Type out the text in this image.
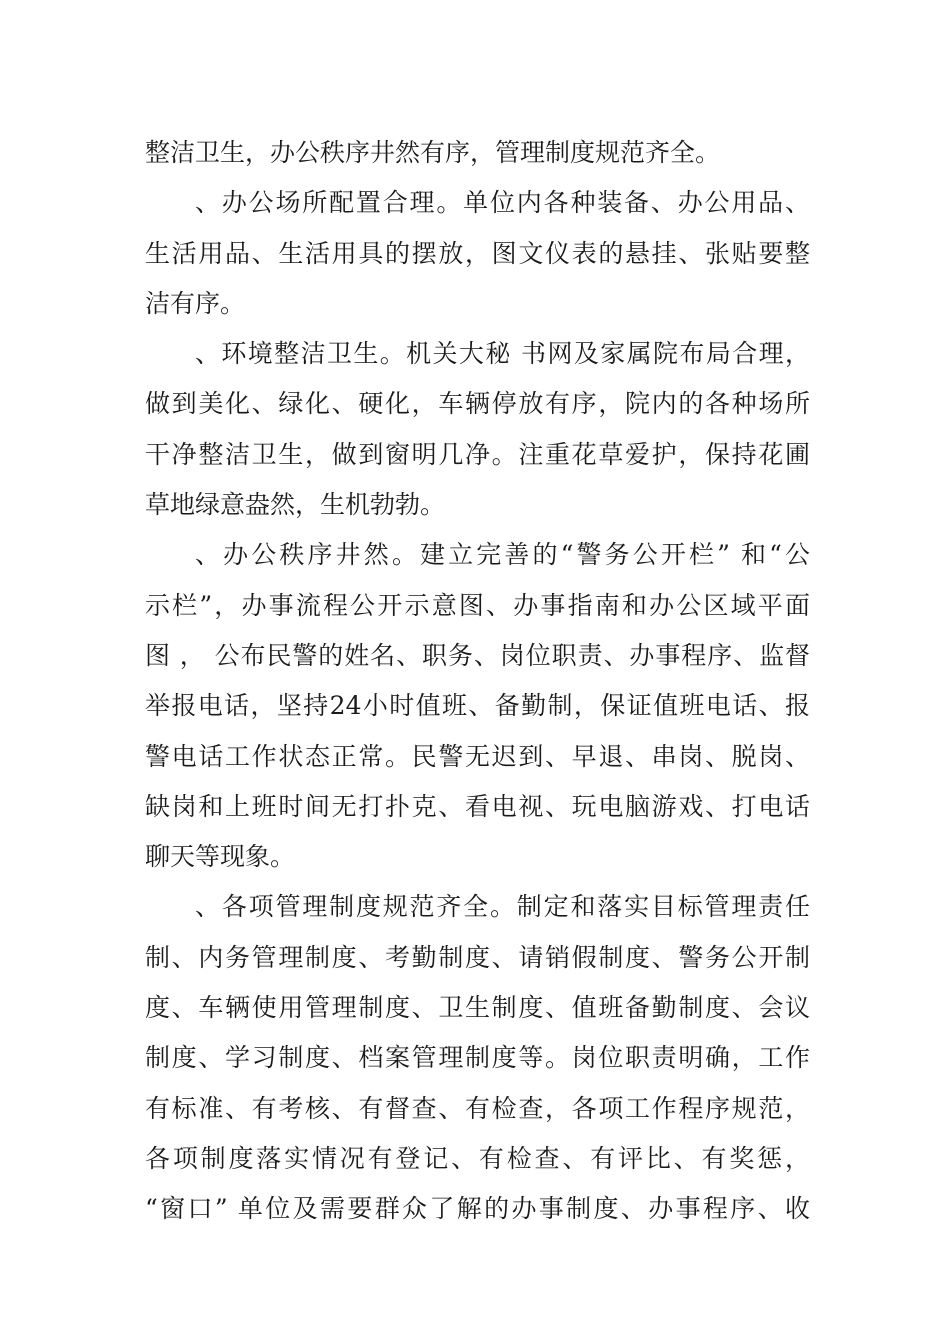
整洁卫生，办公秩序井然有序，管理制度规范齐全。
、办公场所配置合理。单位内各种装备、办公用品、
生活用品、生活用具的摆放，图文仪表的悬挂、张贴要整
洁有序。
、环境整洁卫生。机关大秘 书网及家属院布局合理，
做到美化、绿化、硬化，车辆停放有序，院内的各种场所
干净整洁卫生，做到窗明几净。注重花草爱护，保持花圃
草地绿意盎然，生机勃勃。
、办公秩序井然。建立完善的“警务公开栏” 和“公
示栏”，办事流程公开示意图、办事指南和办公区域平面
图 ， 公布民警的姓名、职务、岗位职责、办事程序、监督
举报电话，坚持24小时值班、备勤制，保证值班电话、报
警电话工作状态正常。民警无迟到、早退、串岗、脱岗、
缺岗和上班时间无打扑克、看电视、玩电脑游戏、打电话
聊天等现象。
、各项管理制度规范齐全。制定和落实目标管理责任
制、内务管理制度、考勤制度、请销假制度、警务公开制
度、车辆使用管理制度、卫生制度、值班备勤制度、会议
制度、学习制度、档案管理制度等。岗位职责明确，工作
有标准、有考核、有督查、有检查，各项工作程序规范，
各项制度落实情况有登记、有检查、有评比、有奖惩，
“窗口” 单位及需要群众了解的办事制度、办事程序、收
